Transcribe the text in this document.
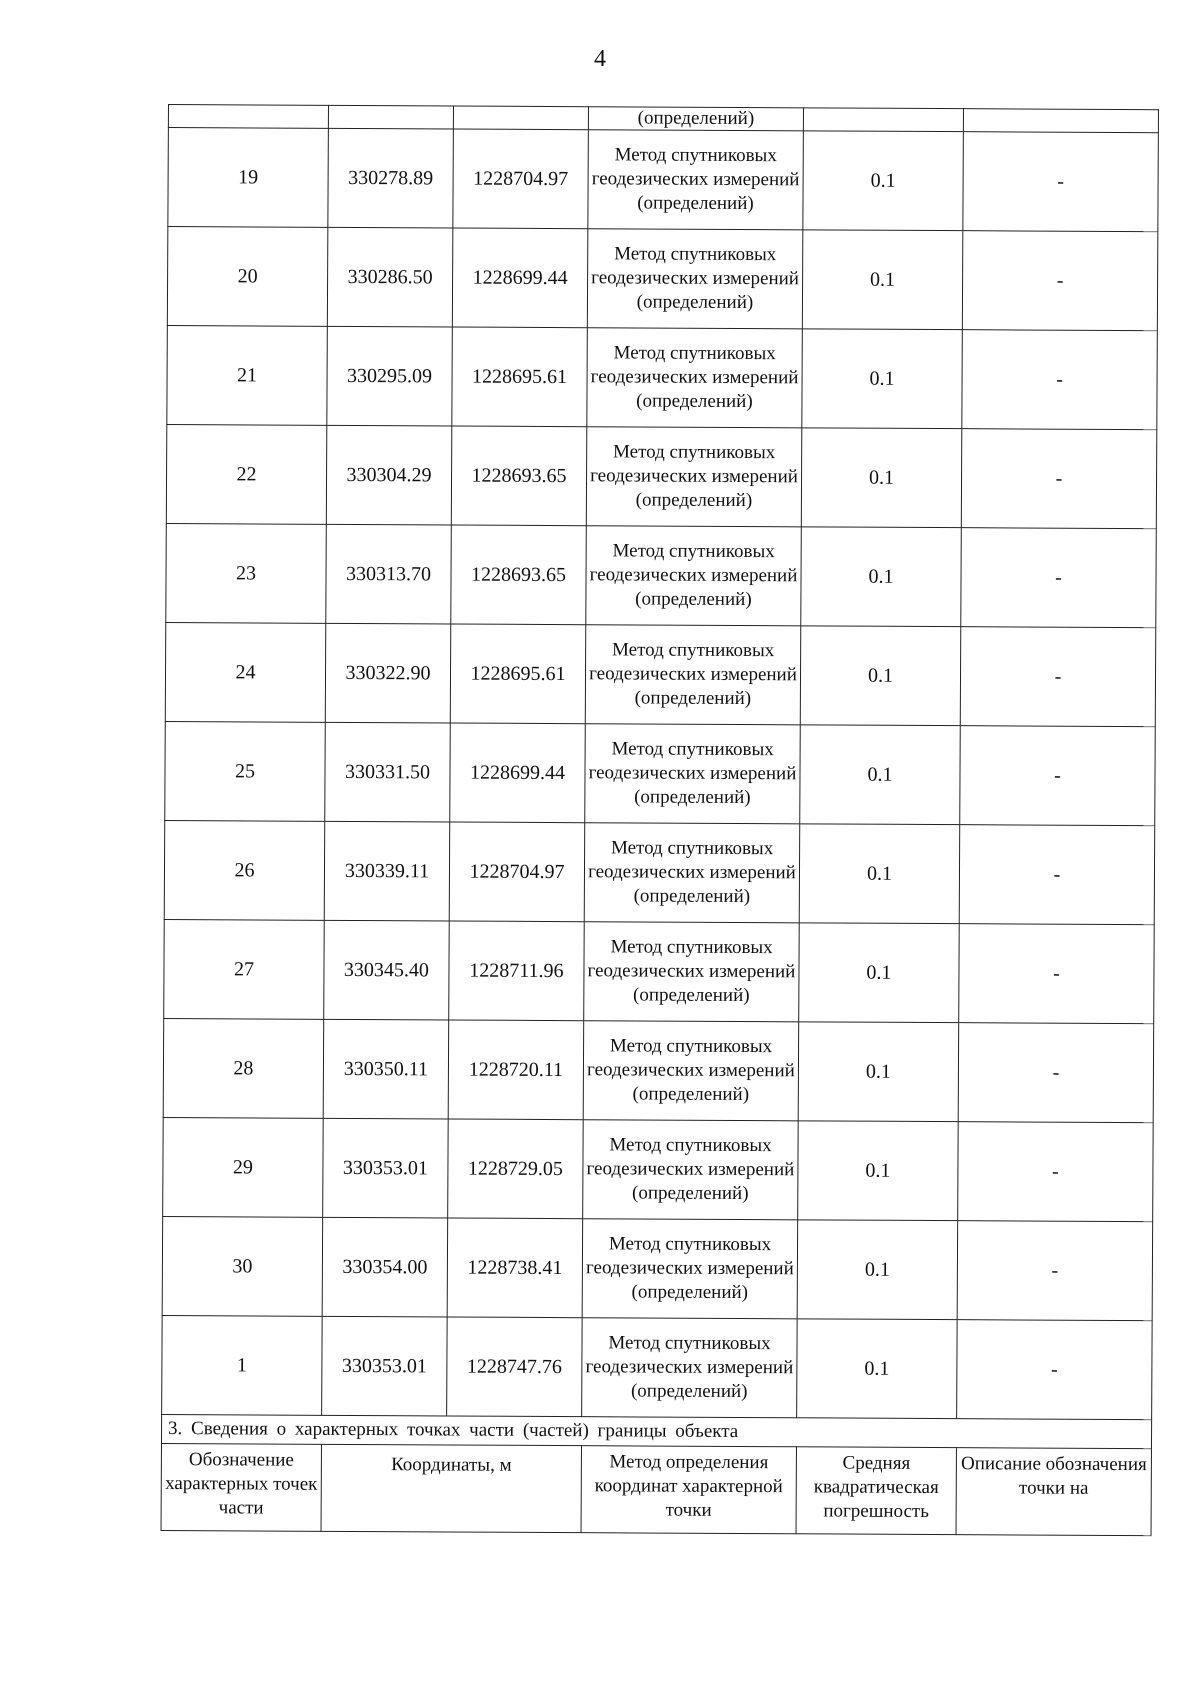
4
			(определений)		
19	330278.89	1228704.97	Метод спутниковых геодезических измерений (определений)	0.1	-
20	330286.50	1228699.44	Метод спутниковых геодезических измерений (определений)	0.1	-
21	330295.09	1228695.61	Метод спутниковых геодезических измерений (определений)	0.1	-
22	330304.29	1228693.65	Метод спутниковых геодезических измерений (определений)	0.1	-
23	330313.70	1228693.65	Метод спутниковых геодезических измерений (определений)	0.1	-
24	330322.90	1228695.61	Метод спутниковых геодезических измерений (определений)	0.1	-
25	330331.50	1228699.44	Метод спутниковых геодезических измерений (определений)	0.1	-
26	330339.11	1228704.97	Метод спутниковых геодезических измерений (определений)	0.1	-
27	330345.40	1228711.96	Метод спутниковых геодезических измерений (определений)	0.1	-
28	330350.11	1228720.11	Метод спутниковых геодезических измерений (определений)	0.1	-
29	330353.01	1228729.05	Метод спутниковых геодезических измерений (определений)	0.1	-
30	330354.00	1228738.41	Метод спутниковых геодезических измерений (определений)	0.1	-
1	330353.01	1228747.76	Метод спутниковых геодезических измерений (определений)	0.1	-
3. Сведения о характерных точках части (частей) границы объекта					
Обозначение характерных точек части	Координаты, м		Метод определения координат характерной точки	Средняя квадратическая погрешность	Описание обозначения точки на
